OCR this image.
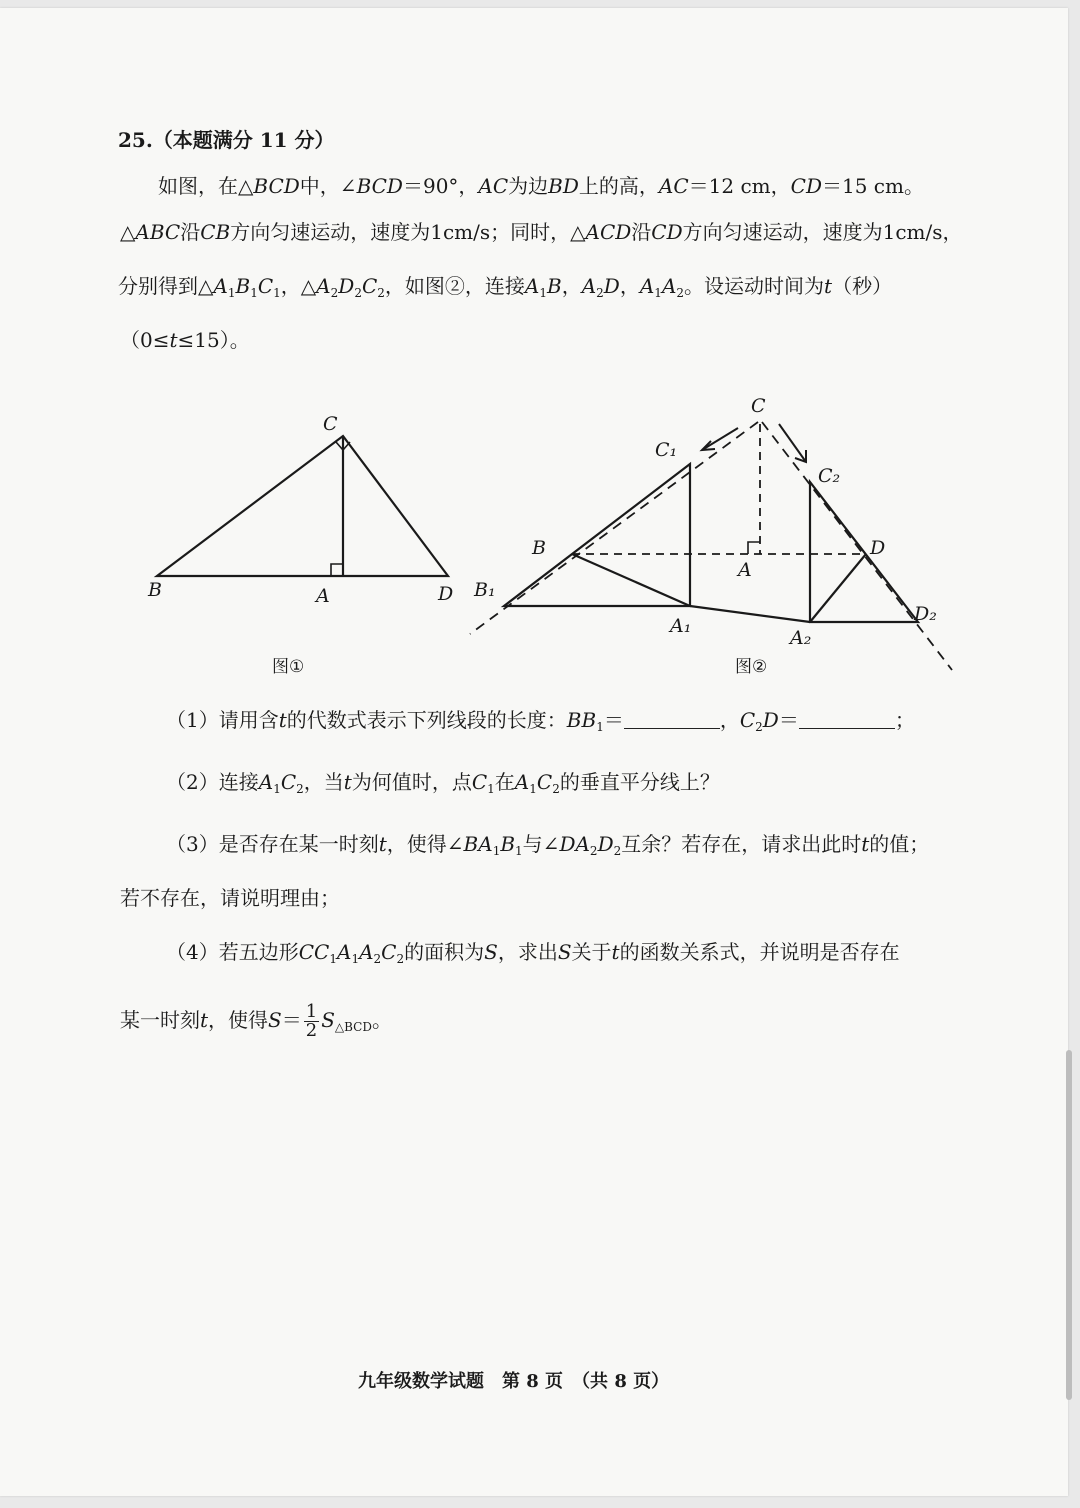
25.（本题满分 11 分）
如图，在△BCD中，∠BCD＝90°，AC为边BD上的高，AC＝12 cm，CD＝15 cm。
△ABC沿CB方向匀速运动，速度为1cm/s；同时，△ACD沿CD方向匀速运动，速度为1cm/s，
分别得到$\triangle A_1B_1C_1$，$\triangle A_2D_2C_2$，如图②，连接$A_1B$，$A_2D$，$A_1A_2$。设运动时间为t（秒）
（0≤t≤15）。
C
B	A	D
图①
C
C₁
C₂
B
B₁
A
A₁
A₂
D
D₂
图②
（1）请用含t的代数式表示下列线段的长度：$BB_1=$	，$C_2D=$	；
（2）连接$A_1C_2$，当t为何值时，点$C_1$在$A_1C_2$的垂直平分线上？
（3）是否存在某一时刻t，使得$\angle BA_1B_1$与$\angle DA_2D_2$互余？若存在，请求出此时t的值；
若不存在，请说明理由；
（4）若五边形$CC_1A_1A_2C_2$的面积为S，求出S关于t的函数关系式，并说明是否存在
某一时刻t，使得$S= \frac{1}{2} S_{\triangle BCD}$。
九年级数学试题　第 8 页　（共 8 页）
